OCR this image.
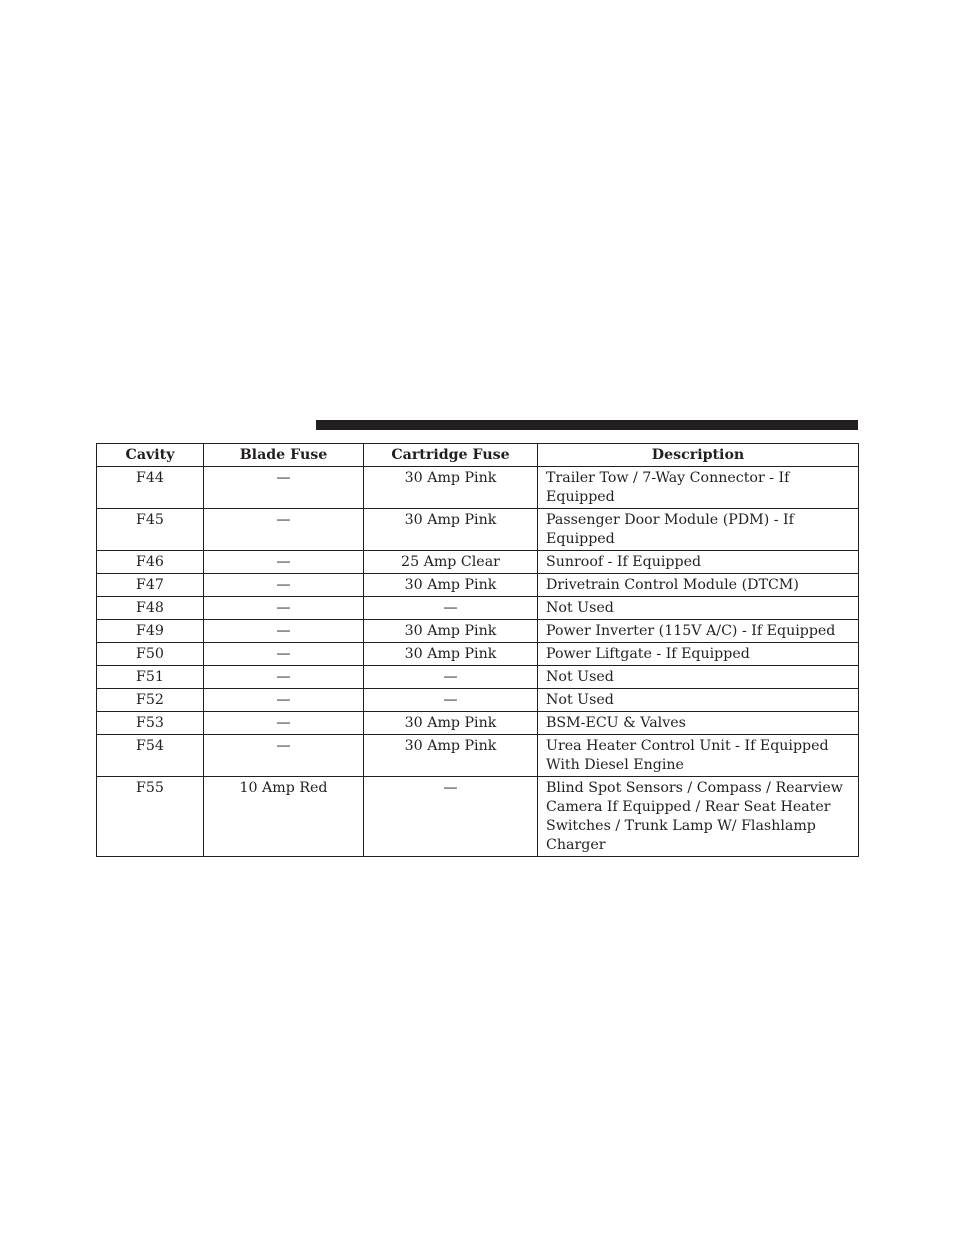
Cavity	Blade Fuse	Cartridge Fuse	Description
F44	—	30 Amp Pink	Trailer Tow / 7-Way Connector - If Equipped
F45	—	30 Amp Pink	Passenger Door Module (PDM) - If Equipped
F46	—	25 Amp Clear	Sunroof - If Equipped
F47	—	30 Amp Pink	Drivetrain Control Module (DTCM)
F48	—	—	Not Used
F49	—	30 Amp Pink	Power Inverter (115V A/C) - If Equipped
F50	—	30 Amp Pink	Power Liftgate - If Equipped
F51	—	—	Not Used
F52	—	—	Not Used
F53	—	30 Amp Pink	BSM-ECU & Valves
F54	—	30 Amp Pink	Urea Heater Control Unit - If Equipped With Diesel Engine
F55	10 Amp Red	—	Blind Spot Sensors / Compass / Rearview Camera If Equipped / Rear Seat Heater Switches / Trunk Lamp W/ Flashlamp Charger
